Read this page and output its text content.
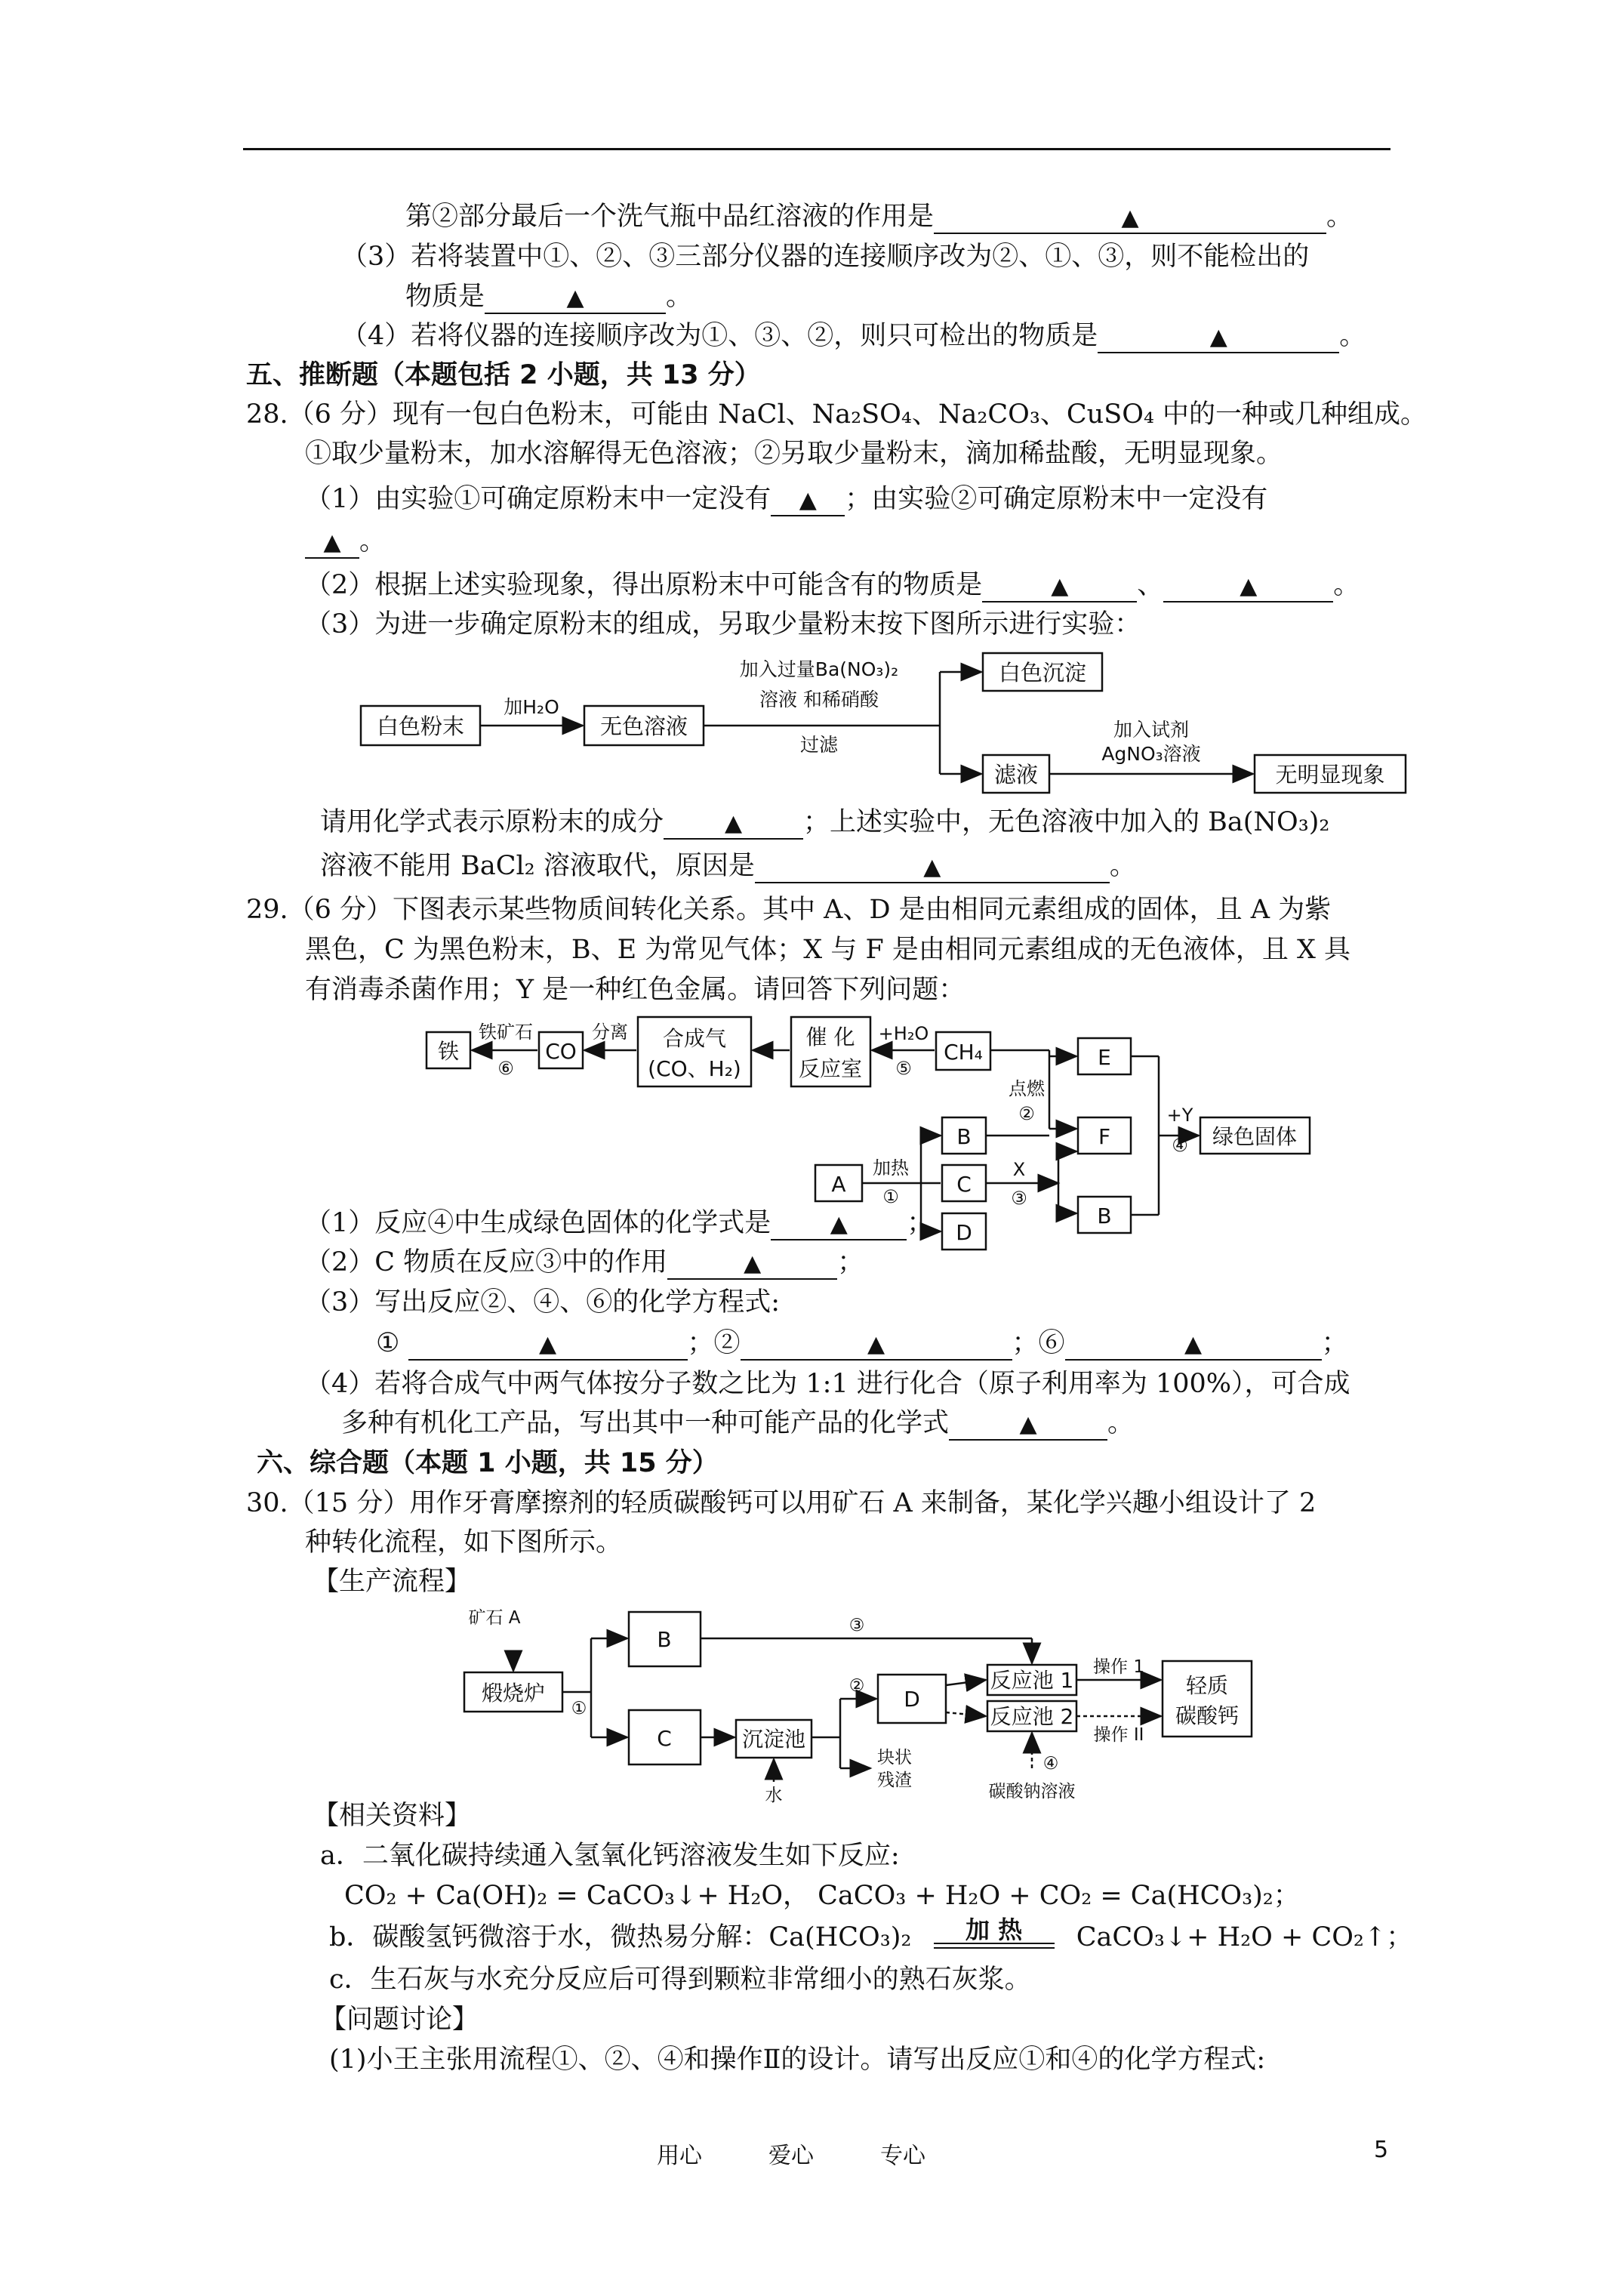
第②部分最后一个洗气瓶中品红溶液的作用是	▲	。
（3）若将装置中①、②、③三部分仪器的连接顺序改为②、①、③，则不能检出的
物质是	▲	。
（4）若将仪器的连接顺序改为①、③、②，则只可检出的物质是	▲	。
五、推断题（本题包括 2 小题，共 13 分）
28.（6 分）现有一包白色粉末，可能由 NaCl、Na₂SO₄、Na₂CO₃、CuSO₄ 中的一种或几种组成。
①取少量粉末，加水溶解得无色溶液；②另取少量粉末，滴加稀盐酸，无明显现象。
（1）由实验①可确定原粉末中一定没有 ▲ ；由实验②可确定原粉末中一定没有
▲ 。
（2）根据上述实验现象，得出原粉末中可能含有的物质是	▲	、	▲	。
（3）为进一步确定原粉末的组成，另取少量粉末按下图所示进行实验：
白色粉末	无色溶液
白色沉淀
滤液	无明显现象
加H₂O
加入过量Ba(NO₃)₂
溶液 和稀硝酸
过滤
加入试剂
AgNO₃溶液
请用化学式表示原粉末的成分	▲ ；上述实验中，无色溶液中加入的 Ba(NO₃)₂
溶液不能用 BaCl₂ 溶液取代，原因是	▲	。
29.（6 分）下图表示某些物质间转化关系。其中 A、D 是由相同元素组成的固体，且 A 为紫
黑色，C 为黑色粉末，B、E 为常见气体；X 与 F 是由相同元素组成的无色液体，且 X 具
有消毒杀菌作用；Y 是一种红色金属。请回答下列问题：
铁	CO
合成气
(CO、H₂)
催 化
反应室
CH₄	E
F	绿色固体
A
B
C
D
B
铁矿石
⑥
分离	+H₂O
⑤
点燃
②	+Y
④
加热
①
X
③
（1）反应④中生成绿色固体的化学式是	▲ ；
（2）C 物质在反应③中的作用	▲	；
（3）写出反应②、④、⑥的化学方程式:
①	▲	；②	▲	；⑥	▲	；
（4）若将合成气中两气体按分子数之比为 1:1 进行化合（原子利用率为 100%），可合成
多种有机化工产品，写出其中一种可能产品的化学式	▲	。
六、综合题（本题 1 小题，共 15 分）
30.（15 分）用作牙膏摩擦剂的轻质碳酸钙可以用矿石 A 来制备，某化学兴趣小组设计了 2
种转化流程，如下图所示。
【生产流程】
煅烧炉
B
C	沉淀池
D
反应池 1
反应池 2
轻质
碳酸钙
矿石 A
①
③
水
②
块状
残渣
操作 1
操作 II
④
碳酸钠溶液
【相关资料】
a．二氧化碳持续通入氢氧化钙溶液发生如下反应:
CO₂ + Ca(OH)₂ = CaCO₃↓+ H₂O， CaCO₃ + H₂O + CO₂ = Ca(HCO₃)₂；
b．碳酸氢钙微溶于水，微热易分解：Ca(HCO₃)₂	加 热	CaCO₃↓+ H₂O + CO₂↑；
c．生石灰与水充分反应后可得到颗粒非常细小的熟石灰浆。
【问题讨论】
(1)小王主张用流程①、②、④和操作Ⅱ的设计。请写出反应①和④的化学方程式:
用心	爱心	专心	5
